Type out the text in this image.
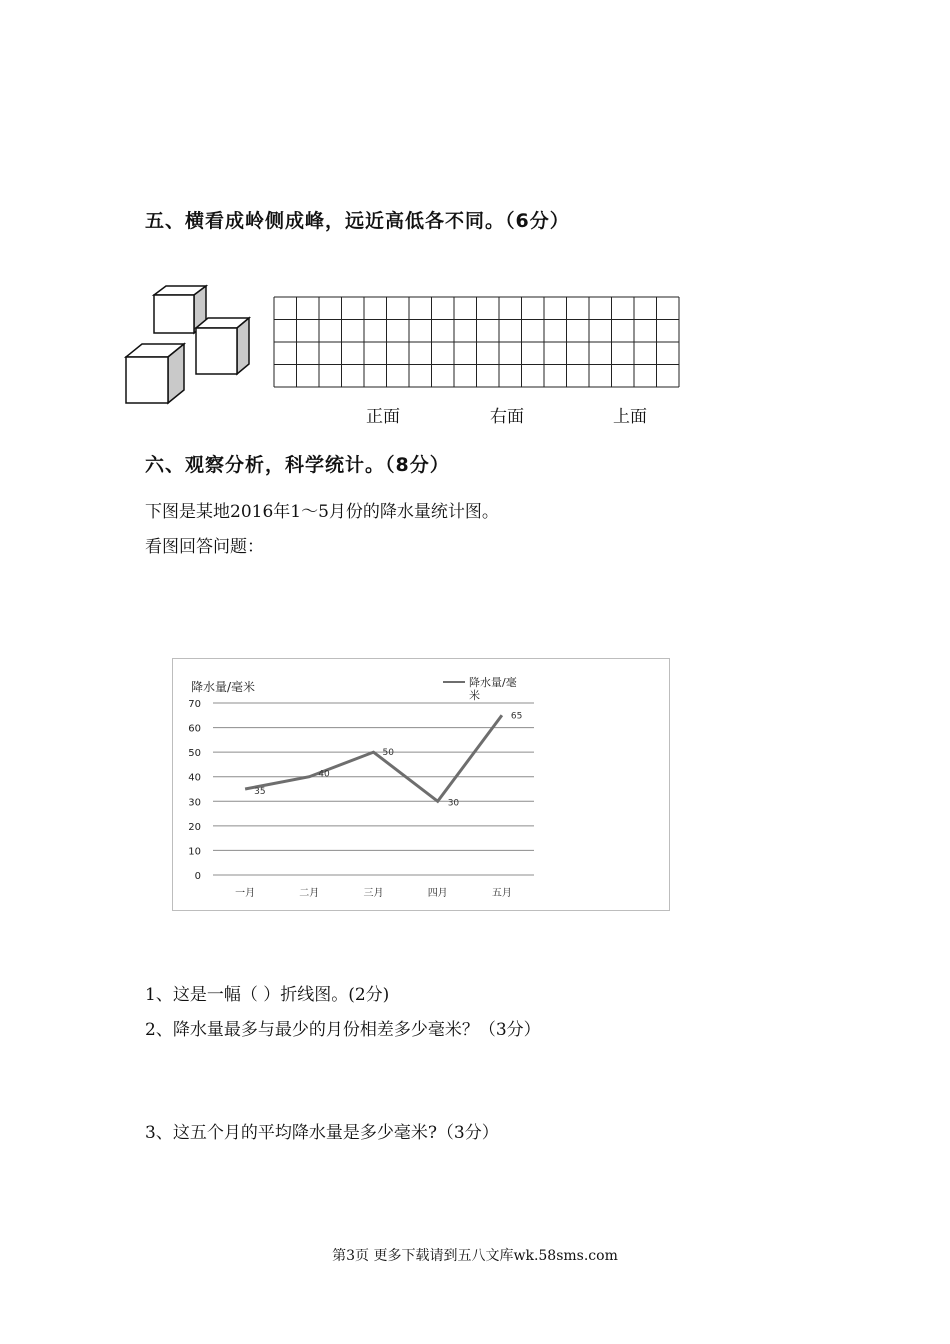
五、横看成岭侧成峰，远近高低各不同。（6分）
正面	右面	上面
六、观察分析，科学统计。（8分）
下图是某地2016年1～5月份的降水量统计图。
看图回答问题：
降水量/毫米
0
10
20
30
40
50
60
70
一月	二月	三月	四月	五月
35
40
50
30
65
降水量/毫米
1、这是一幅（ ）折线图。(2分)
2、降水量最多与最少的月份相差多少毫米？（3分）
3、这五个月的平均降水量是多少毫米?（3分）
第3页 更多下载请到五八文库wk.58sms.com
